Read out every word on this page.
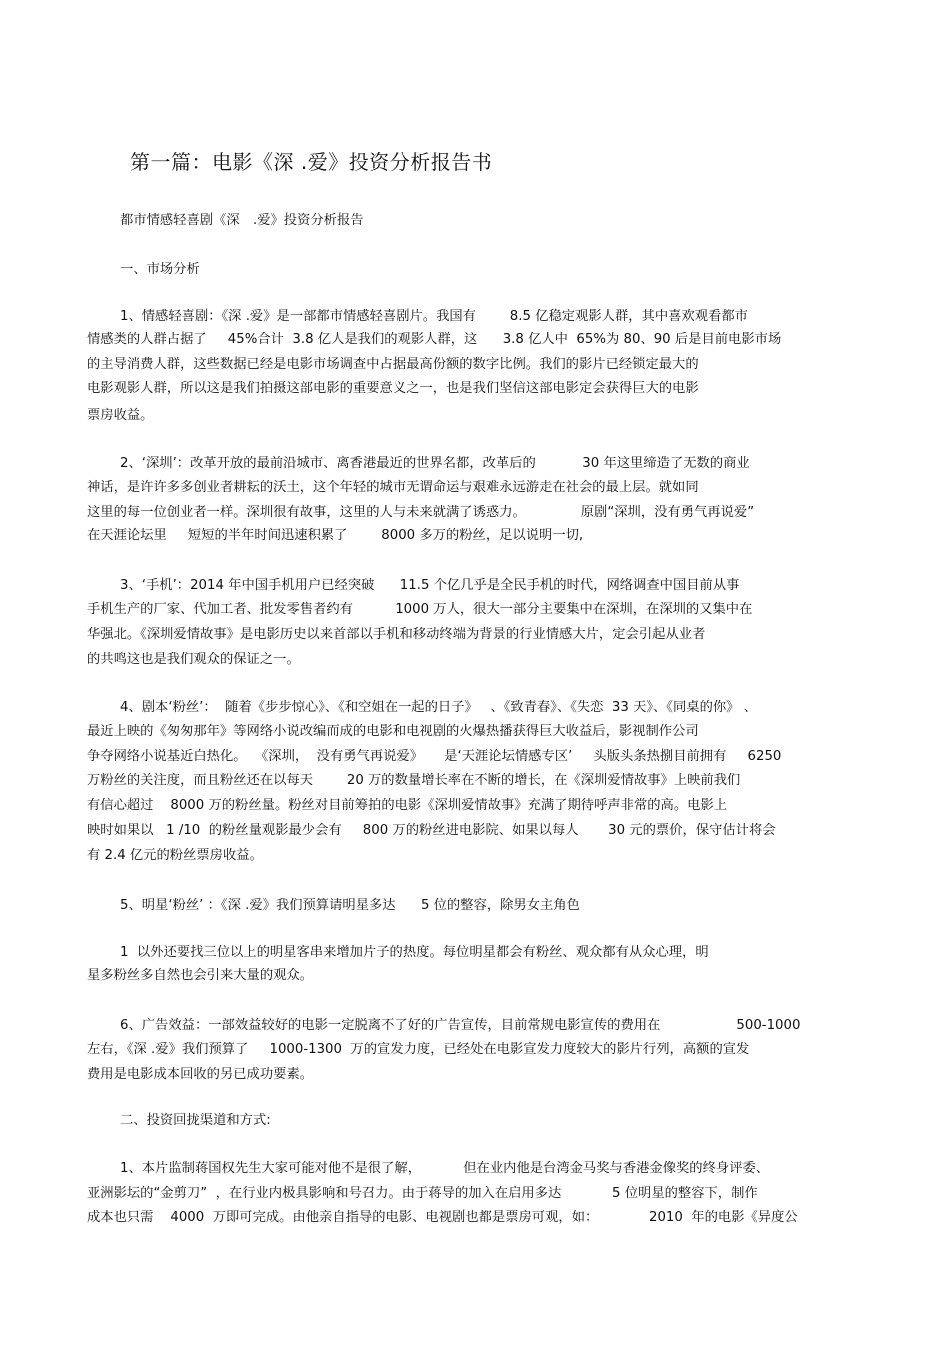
第一篇：电影《深 .爱》投资分析报告书
都市情感轻喜剧《深　.爱》投资分析报告
一、市场分析
1、情感轻喜剧：《深 .爱》是一部都市情感轻喜剧片。我国有        8.5 亿稳定观影人群，其中喜欢观看都市
情感类的人群占据了     45%合计  3.8 亿人是我们的观影人群，这      3.8 亿人中  65%为 80、90 后是目前电影市场
的主导消费人群，这些数据已经是电影市场调查中占据最高份额的数字比例。我们的影片已经锁定最大的
电影观影人群，所以这是我们拍摄这部电影的重要意义之一，也是我们坚信这部电影定会获得巨大的电影
票房收益。
2、‘深圳’：改革开放的最前沿城市、离香港最近的世界名都，改革后的           30 年这里缔造了无数的商业
神话，是许许多多创业者耕耘的沃土，这个年轻的城市无谓命运与艰难永远游走在社会的最上层。就如同
这里的每一位创业者一样。深圳很有故事，这里的人与未来就满了诱惑力。             原剧“深圳，没有勇气再说爱”
在天涯论坛里     短短的半年时间迅速积累了        8000 多万的粉丝，足以说明一切,
3、‘手机’：2014 年中国手机用户已经突破      11.5 个亿几乎是全民手机的时代，网络调查中国目前从事
手机生产的厂家、代加工者、批发零售者约有          1000 万人，很大一部分主要集中在深圳，在深圳的又集中在
华强北。《深圳爱情故事》是电影历史以来首部以手机和移动终端为背景的行业情感大片，定会引起从业者
的共鸣这也是我们观众的保证之一。
4、剧本‘粉丝’：  随着《步步惊心》、《和空姐在一起的日子》   、《致青春》、《失恋  33 天》、《同桌的你》 、
最近上映的《匆匆那年》等网络小说改编而成的电影和电视剧的火爆热播获得巨大收益后，影视制作公司
争夺网络小说基近白热化。  《深圳，  没有勇气再说爱》     是‘天涯论坛情感专区’     头版头条热捌目前拥有     6250
万粉丝的关注度，而且粉丝还在以每天        20 万的数量增长率在不断的增长，在《深圳爱情故事》上映前我们
有信心超过    8000 万的粉丝量。粉丝对目前筹拍的电影《深圳爱情故事》充满了期待呼声非常的高。电影上
映时如果以   1 /10  的粉丝量观影最少会有     800 万的粉丝进电影院、如果以每人       30 元的票价，保守估计将会
有 2.4 亿元的粉丝票房收益。
5、明星‘粉丝’ ：《深 .爱》我们预算请明星多达      5 位的整容，除男女主角色
1  以外还要找三位以上的明星客串来增加片子的热度。每位明星都会有粉丝、观众都有从众心理，明
星多粉丝多自然也会引来大量的观众。
6、广告效益：一部效益较好的电影一定脱离不了好的广告宣传，目前常规电影宣传的费用在                  500-1000
左右，《深 .爱》我们预算了     1000-1300  万的宣发力度，已经处在电影宣发力度较大的影片行列，高额的宣发
费用是电影成本回收的另已成功要素。
二、投资回拢渠道和方式:
1、本片监制蒋国权先生大家可能对他不是很了解，          但在业内他是台湾金马奖与香港金像奖的终身评委、
亚洲影坛的“金剪刀”  ，在行业内极具影响和号召力。由于蒋导的加入在启用多达            5 位明星的整容下，制作
成本也只需    4000  万即可完成。由他亲自指导的电影、电视剧也都是票房可观，如：            2010  年的电影《异度公
